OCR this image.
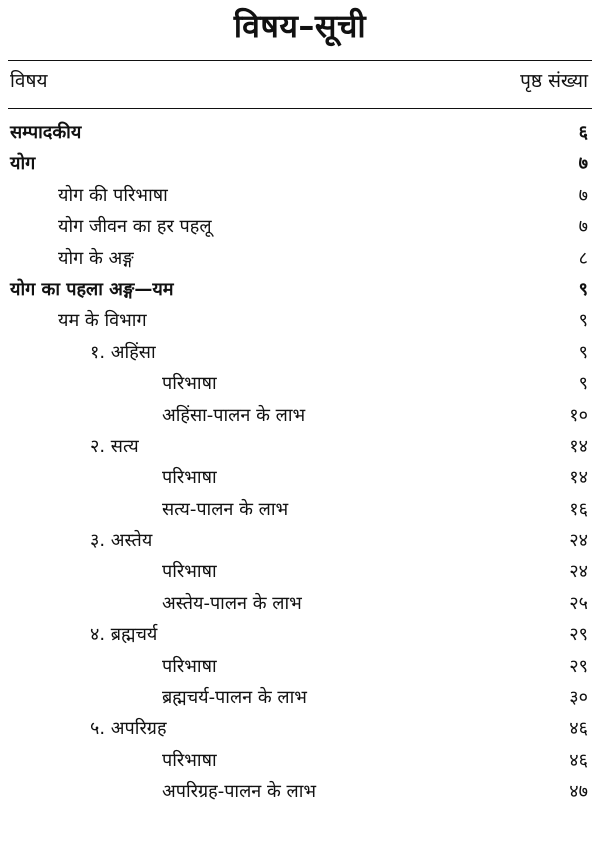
विषय–सूची
विषय	पृष्ठ संख्या
सम्पादकीय	६
योग	७
योग की परिभाषा	७
योग जीवन का हर पहलू	७
योग के अङ्ग	८
योग का पहला अङ्ग—यम	९
यम के विभाग	९
१. अहिंसा	९
परिभाषा	९
अहिंसा-पालन के लाभ	१०
२. सत्य	१४
परिभाषा	१४
सत्य-पालन के लाभ	१६
३. अस्तेय	२४
परिभाषा	२४
अस्तेय-पालन के लाभ	२५
४. ब्रह्मचर्य	२९
परिभाषा	२९
ब्रह्मचर्य-पालन के लाभ	३०
५. अपरिग्रह	४६
परिभाषा	४६
अपरिग्रह-पालन के लाभ	४७
